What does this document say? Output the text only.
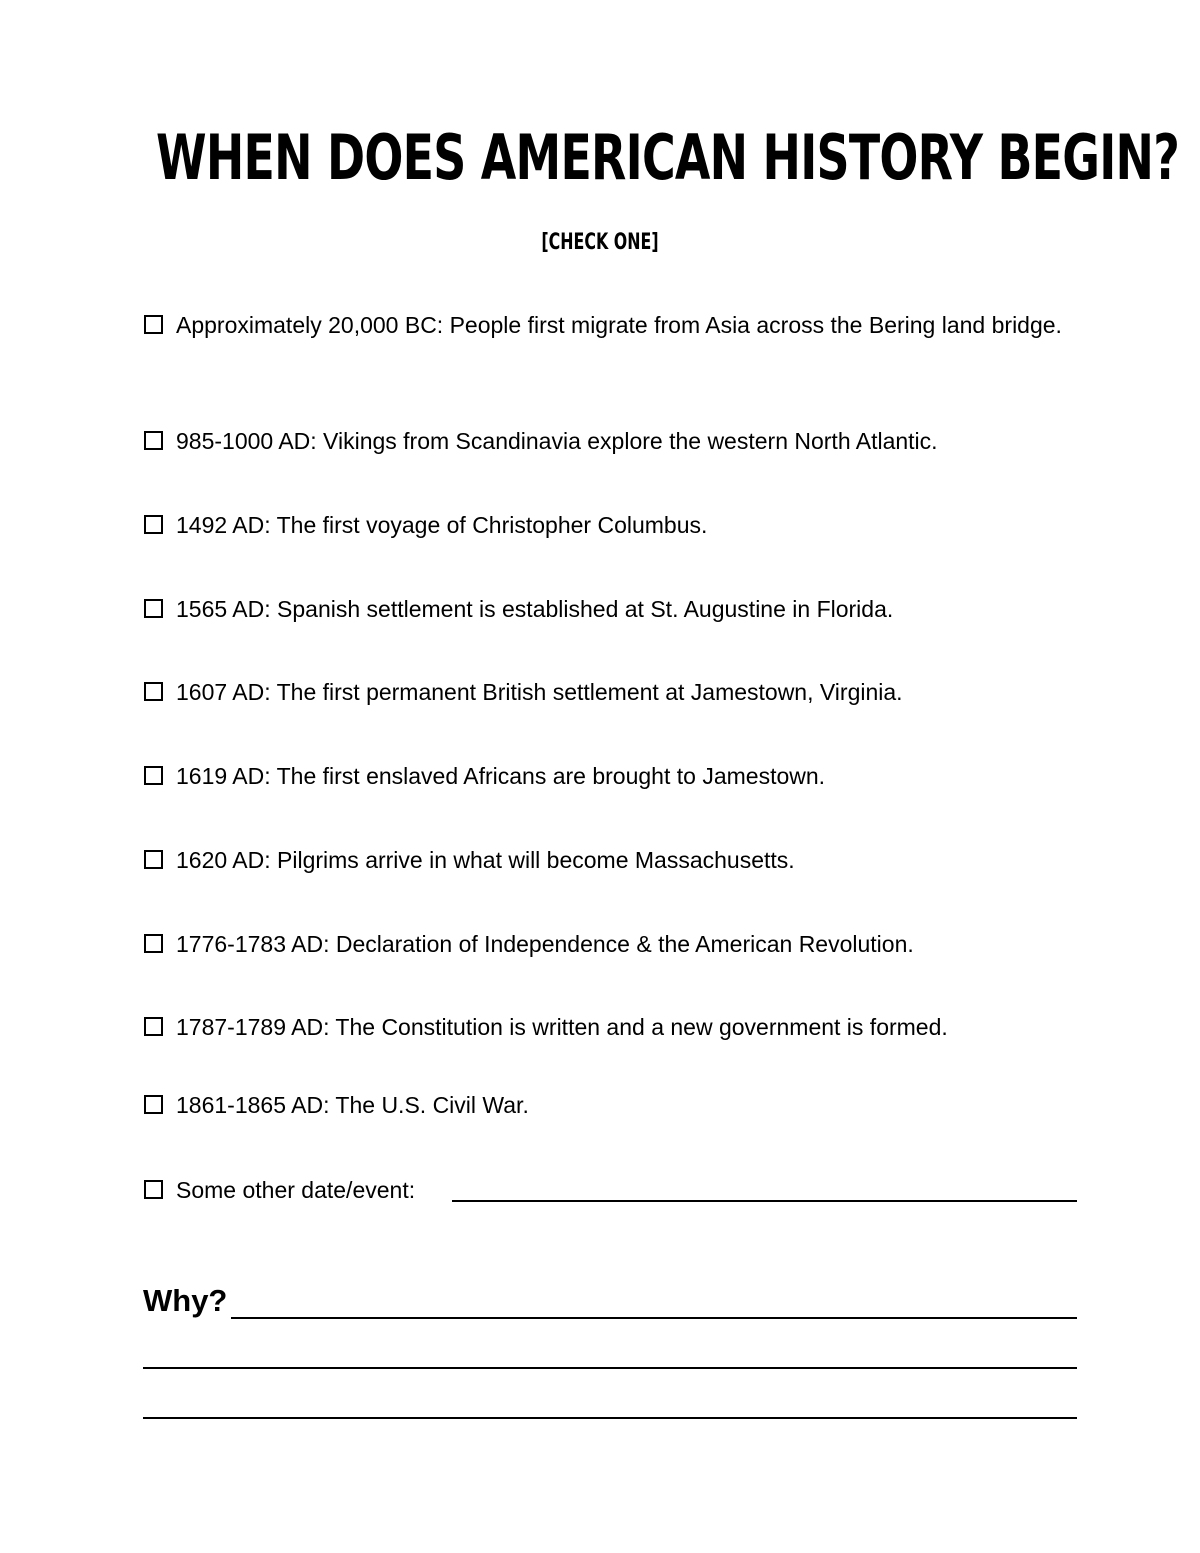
WHEN DOES AMERICAN HISTORY BEGIN?
[CHECK ONE]
Approximately 20,000 BC: People first migrate from Asia across the Bering land bridge.
985-1000 AD: Vikings from Scandinavia explore the western North Atlantic.
1492 AD: The first voyage of Christopher Columbus.
1565 AD: Spanish settlement is established at St. Augustine in Florida.
1607 AD: The first permanent British settlement at Jamestown, Virginia.
1619 AD: The first enslaved Africans are brought to Jamestown.
1620 AD: Pilgrims arrive in what will become Massachusetts.
1776-1783 AD: Declaration of Independence & the American Revolution.
1787-1789 AD: The Constitution is written and a new government is formed.
1861-1865 AD: The U.S. Civil War.
Some other date/event:
Why?
